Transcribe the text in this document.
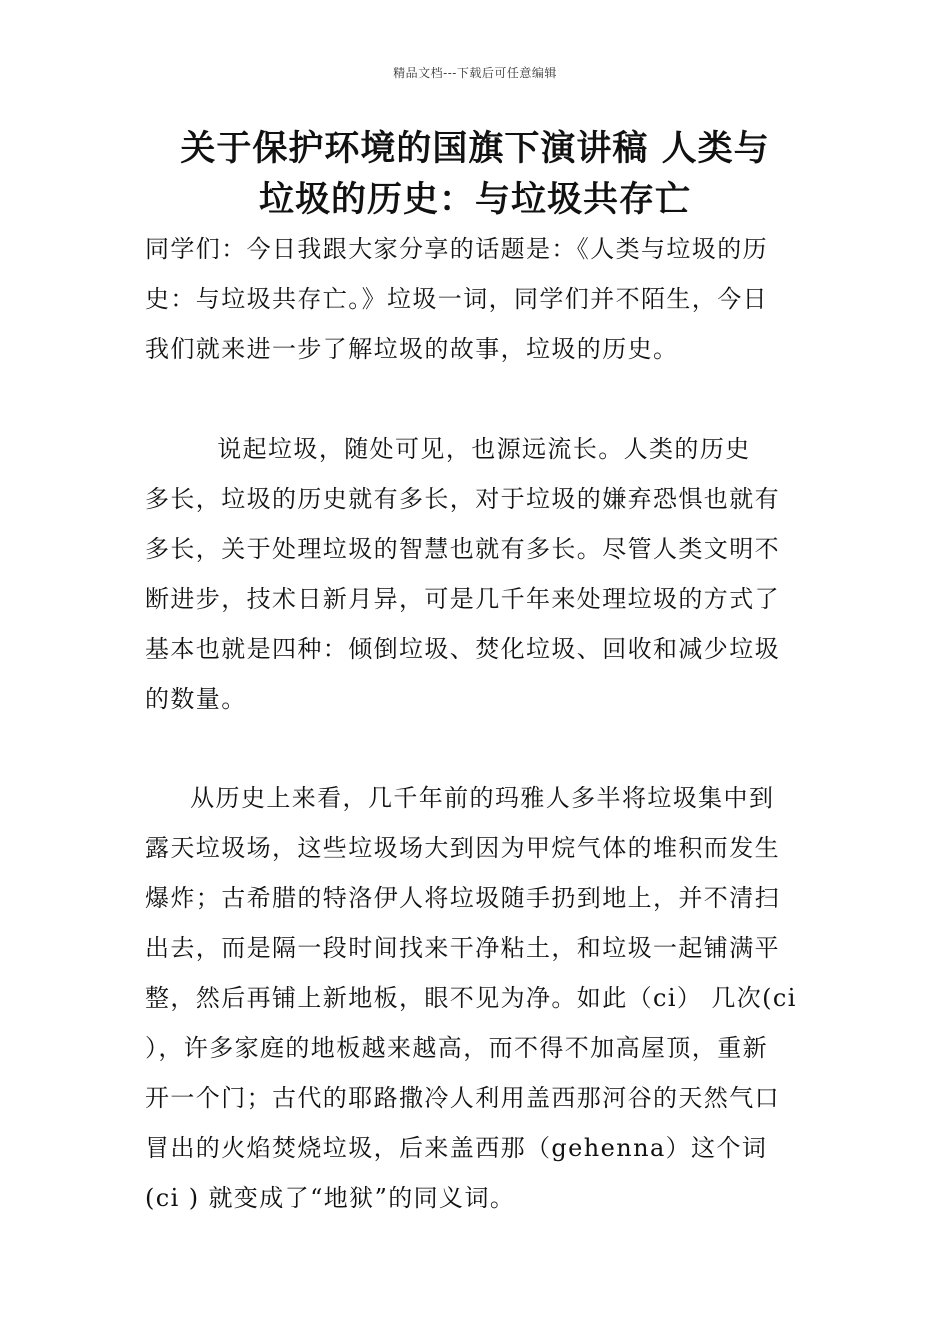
精品文档---下载后可任意编辑
关于保护环境的国旗下演讲稿 人类与
垃圾的历史：与垃圾共存亡

同学们：今日我跟大家分享的话题是：《人类与垃圾的历
史：与垃圾共存亡。》垃圾一词，同学们并不陌生，今日
我们就来进一步了解垃圾的故事，垃圾的历史。

说起垃圾，随处可见，也源远流长。人类的历史
多长，垃圾的历史就有多长，对于垃圾的嫌弃恐惧也就有
多长，关于处理垃圾的智慧也就有多长。尽管人类文明不
断进步，技术日新月异，可是几千年来处理垃圾的方式了
基本也就是四种：倾倒垃圾、焚化垃圾、回收和减少垃圾
的数量。

从历史上来看，几千年前的玛雅人多半将垃圾集中到
露天垃圾场，这些垃圾场大到因为甲烷气体的堆积而发生
爆炸；古希腊的特洛伊人将垃圾随手扔到地上，并不清扫
出去，而是隔一段时间找来干净粘土，和垃圾一起铺满平
整，然后再铺上新地板，眼不见为净。如此（ci） 几次(ci
），许多家庭的地板越来越高，而不得不加高屋顶，重新
开一个门；古代的耶路撒冷人利用盖西那河谷的天然气口
冒出的火焰焚烧垃圾，后来盖西那（gehenna）这个词
(ci ) 就变成了“地狱”的同义词。
